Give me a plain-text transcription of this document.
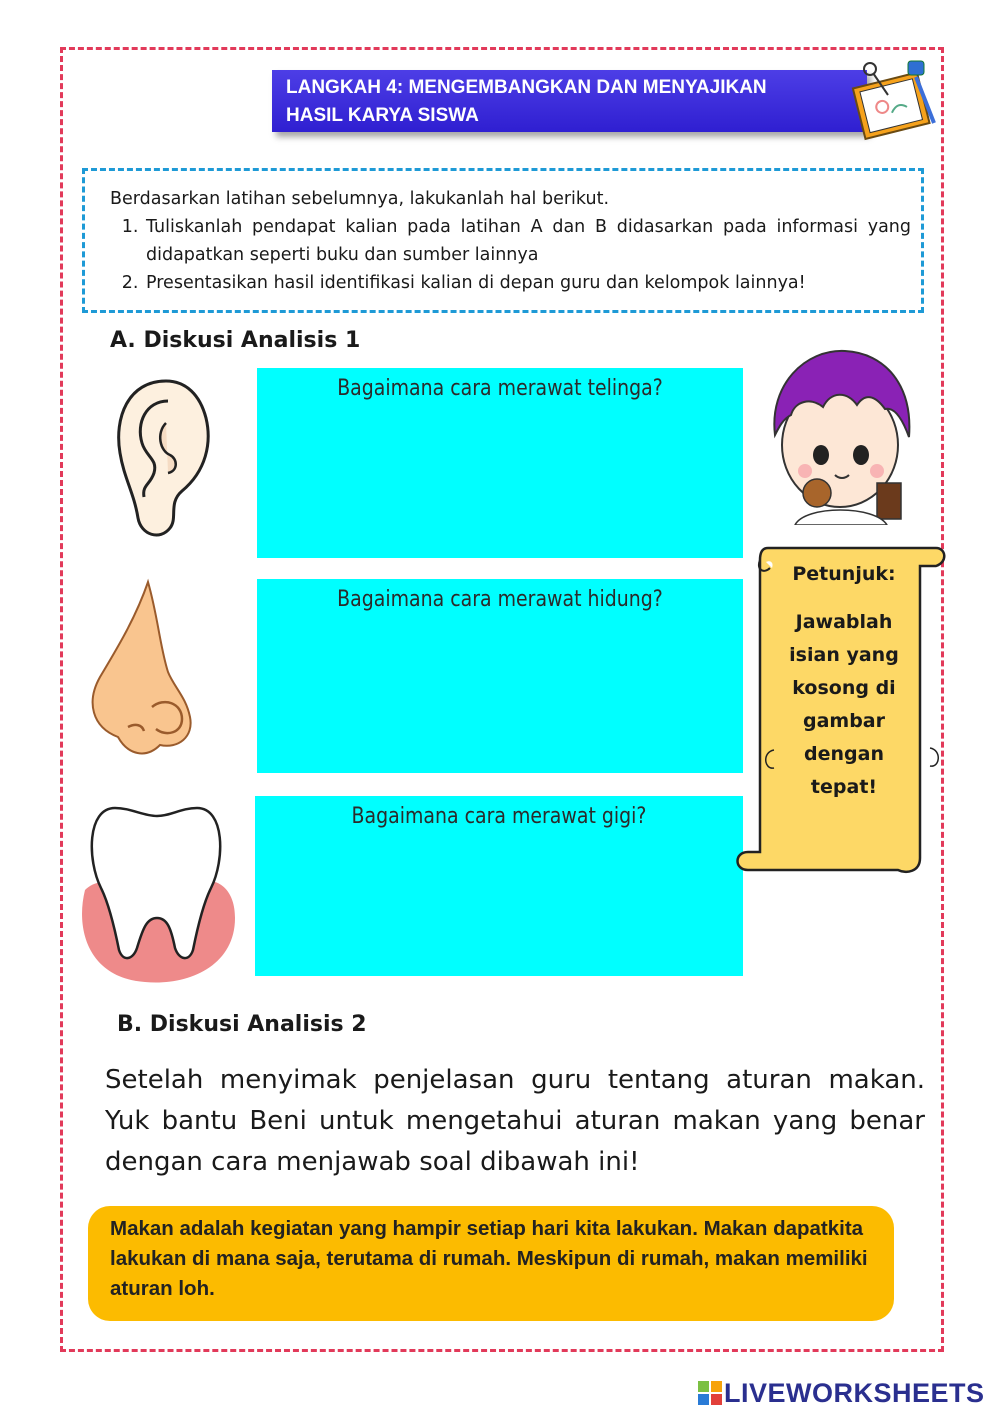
LANGKAH 4: MENGEMBANGKAN DAN MENYAJIKAN
HASIL KARYA SISWA

Berdasarkan latihan sebelumnya, lakukanlah hal berikut.

1. Tuliskanlah pendapat kalian pada latihan A dan B didasarkan pada informasi yang didapatkan seperti buku dan sumber lainnya
2. Presentasikan hasil identifikasi kalian di depan guru dan kelompok lainnya!
A. Diskusi Analisis 1
Bagaimana cara merawat telinga?
Bagaimana cara merawat hidung?
Bagaimana cara merawat gigi?
Petunjuk:
Jawablah
isian yang
kosong di
gambar
dengan
tepat!
B. Diskusi Analisis 2
Setelah menyimak penjelasan guru tentang aturan makan. Yuk bantu Beni untuk mengetahui aturan makan yang benar dengan cara menjawab soal dibawah ini!
Makan adalah kegiatan yang hampir setiap hari kita lakukan. Makan dapatkita lakukan di mana saja, terutama di rumah. Meskipun di rumah, makan memiliki aturan loh.
LIVEWORKSHEETS
